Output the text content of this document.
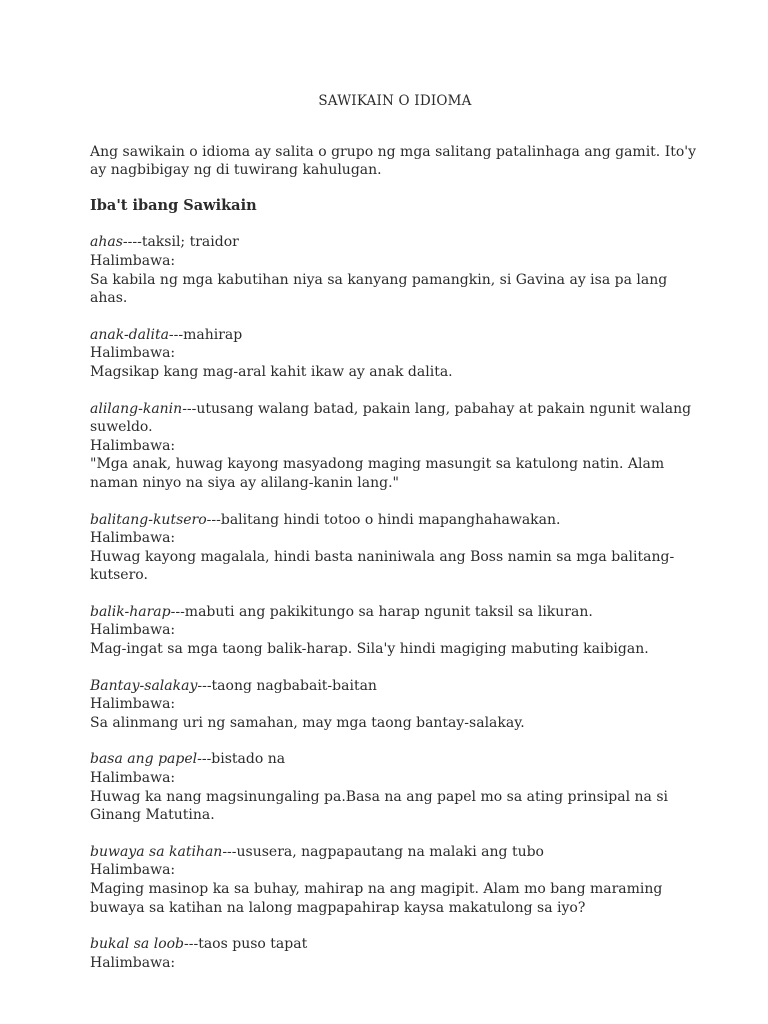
SAWIKAIN O IDIOMA

Ang sawikain o idioma ay salita o grupo ng mga salitang patalinhaga ang gamit. Ito'y ay nagbibigay ng di tuwirang kahulugan.

Iba't ibang Sawikain

ahas----taksil; traidor

Halimbawa:

Sa kabila ng mga kabutihan niya sa kanyang pamangkin, si Gavina ay isa pa lang ahas.

anak-dalita---mahirap

Halimbawa:

Magsikap kang mag-aral kahit ikaw ay anak dalita.

alilang-kanin---utusang walang batad, pakain lang, pabahay at pakain ngunit walang suweldo.

Halimbawa:

"Mga anak, huwag kayong masyadong maging masungit sa katulong natin. Alam naman ninyo na siya ay alilang-kanin lang."

balitang-kutsero---balitang hindi totoo o hindi mapanghahawakan.

Halimbawa:

Huwag kayong magalala, hindi basta naniniwala ang Boss namin sa mga balitang-kutsero.

balik-harap---mabuti ang pakikitungo sa harap ngunit taksil sa likuran.

Halimbawa:

Mag-ingat sa mga taong balik-harap. Sila'y hindi magiging mabuting kaibigan.

Bantay-salakay---taong nagbabait-baitan

Halimbawa:

Sa alinmang uri ng samahan, may mga taong bantay-salakay.

basa ang papel---bistado na

Halimbawa:

Huwag ka nang magsinungaling pa.Basa na ang papel mo sa ating prinsipal na si Ginang Matutina.

buwaya sa katihan---ususera, nagpapautang na malaki ang tubo

Halimbawa:

Maging masinop ka sa buhay, mahirap na ang magipit. Alam mo bang maraming buwaya sa katihan na lalong magpapahirap kaysa makatulong sa iyo?

bukal sa loob---taos puso tapat

Halimbawa:
